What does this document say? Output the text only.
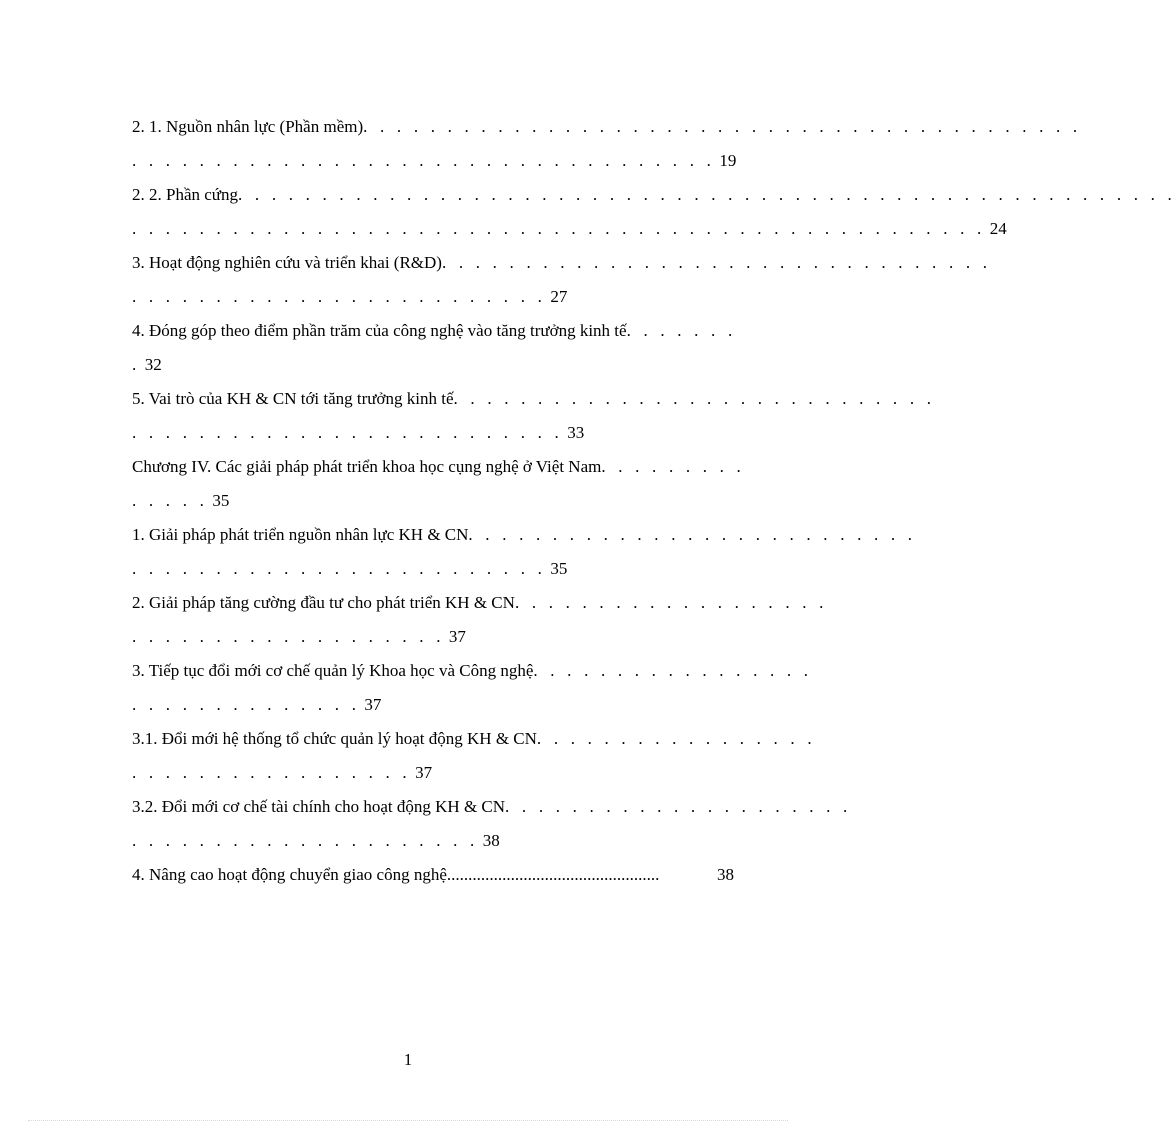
2. 1. Nguồn nhân lực (Phần mềm). . . . . . . . . . . . . . . . . . . . . . . . . . . . . . . . . . . . . . . . . . .
. . . . . . . . . . . . . . . . . . . . . . . . . . . . . . . . . . . 19
2. 2. Phần cứng. . . . . . . . . . . . . . . . . . . . . . . . . . . . . . . . . . . . . . . . . . . . . . . . . . . . . . . .
. . . . . . . . . . . . . . . . . . . . . . . . . . . . . . . . . . . . . . . . . . . . . . . . . . . 24
3. Hoạt động nghiên cứu và triển khai (R&D). . . . . . . . . . . . . . . . . . . . . . . . . . . . . . . . .
. . . . . . . . . . . . . . . . . . . . . . . . . 27
4. Đóng góp theo điểm phần trăm của công nghệ vào tăng trưởng kinh tế. . . . . . .
. 32
5. Vai trò của KH & CN tới tăng trưởng kinh tế. . . . . . . . . . . . . . . . . . . . . . . . . . . . .
. . . . . . . . . . . . . . . . . . . . . . . . . . 33
Chương IV. Các giải pháp phát triển khoa học cụng nghệ ở Việt Nam. . . . . . . . .
. . . . . 35
1. Giải pháp phát triển nguồn nhân lực KH & CN. . . . . . . . . . . . . . . . . . . . . . . . . . .
. . . . . . . . . . . . . . . . . . . . . . . . . 35
2. Giải pháp tăng cường đầu tư cho phát triển KH & CN. . . . . . . . . . . . . . . . . . .
. . . . . . . . . . . . . . . . . . . 37
3. Tiếp tục đổi mới cơ chế quản lý Khoa học và Công nghệ. . . . . . . . . . . . . . . . .
. . . . . . . . . . . . . . 37
3.1. Đổi mới hệ thống tổ chức quản lý hoạt động KH & CN. . . . . . . . . . . . . . . . .
. . . . . . . . . . . . . . . . . 37
3.2. Đổi mới cơ chế tài chính cho hoạt động KH & CN. . . . . . . . . . . . . . . . . . . . .
. . . . . . . . . . . . . . . . . . . . . 38
4. Nâng cao hoạt động chuyển giao công nghệ ..................................................	38
1
